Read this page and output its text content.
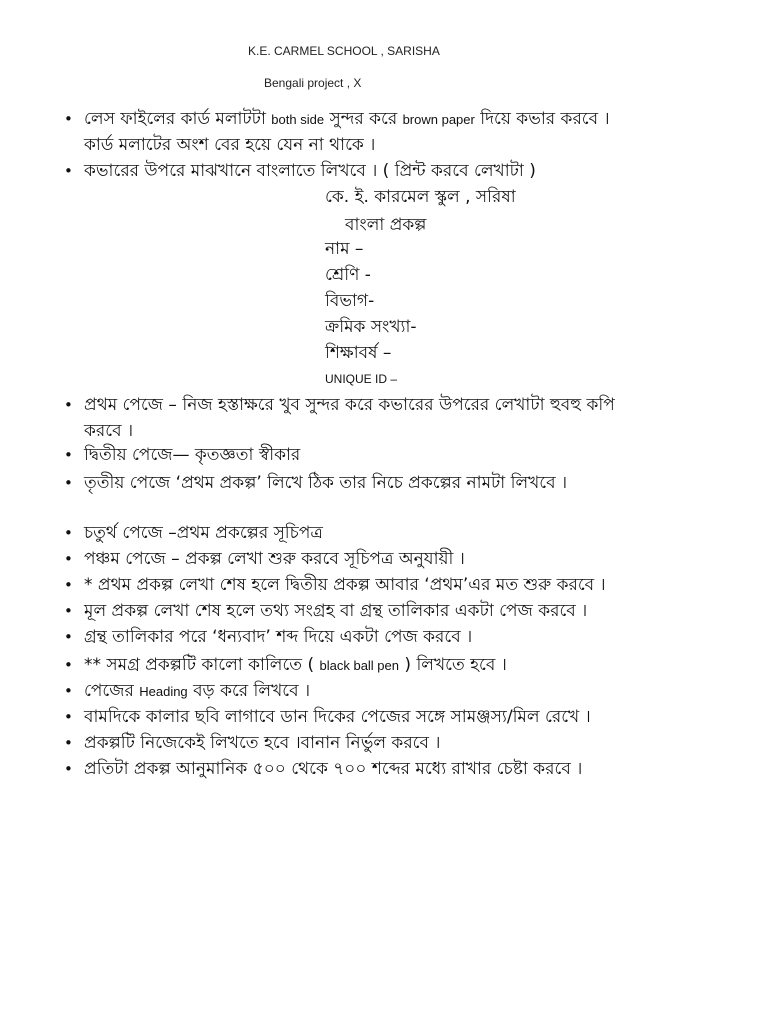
K.E. CARMEL SCHOOL , SARISHA
Bengali project , X
• লেস ফাইলের কার্ড মলাটটা both side সুন্দর করে brown paper দিয়ে কভার করবে ।
কার্ড মলাটের অংশ বের হয়ে যেন না থাকে ।
• কভারের উপরে মাঝখানে বাংলাতে লিখবে । ( প্রিন্ট করবে লেখাটা )
• প্রথম পেজে – নিজ হস্তাক্ষরে খুব সুন্দর করে কভারের উপরের লেখাটা হুবহু কপি
করবে ।
• দ্বিতীয় পেজে— কৃতজ্ঞতা স্বীকার
• তৃতীয় পেজে ‘প্রথম প্রকল্প’ লিখে ঠিক তার নিচে প্রকল্পের নামটা লিখবে ।
• চতুর্থ পেজে –প্রথম প্রকল্পের সূচিপত্র
• পঞ্চম পেজে – প্রকল্প লেখা শুরু করবে সূচিপত্র অনুযায়ী ।
• * প্রথম প্রকল্প লেখা শেষ হলে দ্বিতীয় প্রকল্প আবার ‘প্রথম’এর মত শুরু করবে ।
• মূল প্রকল্প লেখা শেষ হলে তথ্য সংগ্রহ বা গ্রন্থ তালিকার একটা পেজ করবে ।
• গ্রন্থ তালিকার পরে ‘ধন্যবাদ’ শব্দ দিয়ে একটা পেজ করবে ।
• ** সমগ্র প্রকল্পটি কালো কালিতে ( black ball pen ) লিখতে হবে ।
• পেজের Heading বড় করে লিখবে ।
• বামদিকে কালার ছবি লাগাবে ডান দিকের পেজের সঙ্গে সামঞ্জস্য/মিল রেখে ।
• প্রকল্পটি নিজেকেই লিখতে হবে ।বানান নির্ভুল করবে ।
• প্রতিটা প্রকল্প আনুমানিক ৫০০ থেকে ৭০০ শব্দের মধ্যে রাখার চেষ্টা করবে ।
কে. ই. কারমেল স্কুল , সরিষা
বাংলা প্রকল্প
নাম –
শ্রেণি -
বিভাগ-
ক্রমিক সংখ্যা-
শিক্ষাবর্ষ –
UNIQUE ID –
